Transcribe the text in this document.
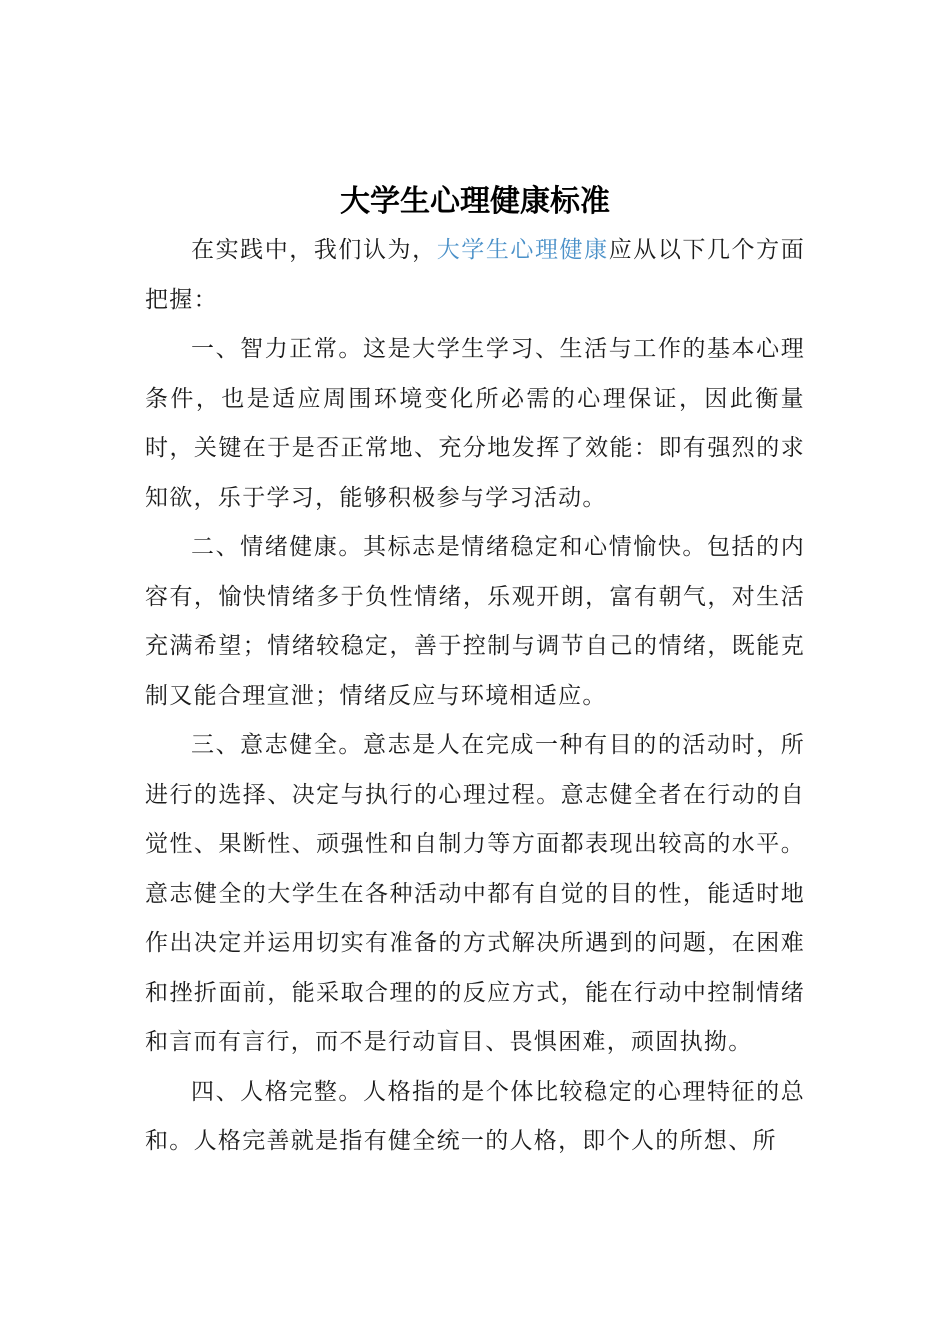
大学生心理健康标准

在实践中，我们认为，大学生心理健康应从以下几个方面把握：

一、智力正常。这是大学生学习、生活与工作的基本心理条件，也是适应周围环境变化所必需的心理保证，因此衡量时，关键在于是否正常地、充分地发挥了效能：即有强烈的求知欲，乐于学习，能够积极参与学习活动。

二、情绪健康。其标志是情绪稳定和心情愉快。包括的内容有，愉快情绪多于负性情绪，乐观开朗，富有朝气，对生活充满希望；情绪较稳定，善于控制与调节自己的情绪，既能克制又能合理宣泄；情绪反应与环境相适应。

三、意志健全。意志是人在完成一种有目的的活动时，所进行的选择、决定与执行的心理过程。意志健全者在行动的自觉性、果断性、顽强性和自制力等方面都表现出较高的水平。意志健全的大学生在各种活动中都有自觉的目的性，能适时地作出决定并运用切实有准备的方式解决所遇到的问题，在困难和挫折面前，能采取合理的的反应方式，能在行动中控制情绪和言而有言行，而不是行动盲目、畏惧困难，顽固执拗。

四、人格完整。人格指的是个体比较稳定的心理特征的总和。人格完善就是指有健全统一的人格，即个人的所想、所
